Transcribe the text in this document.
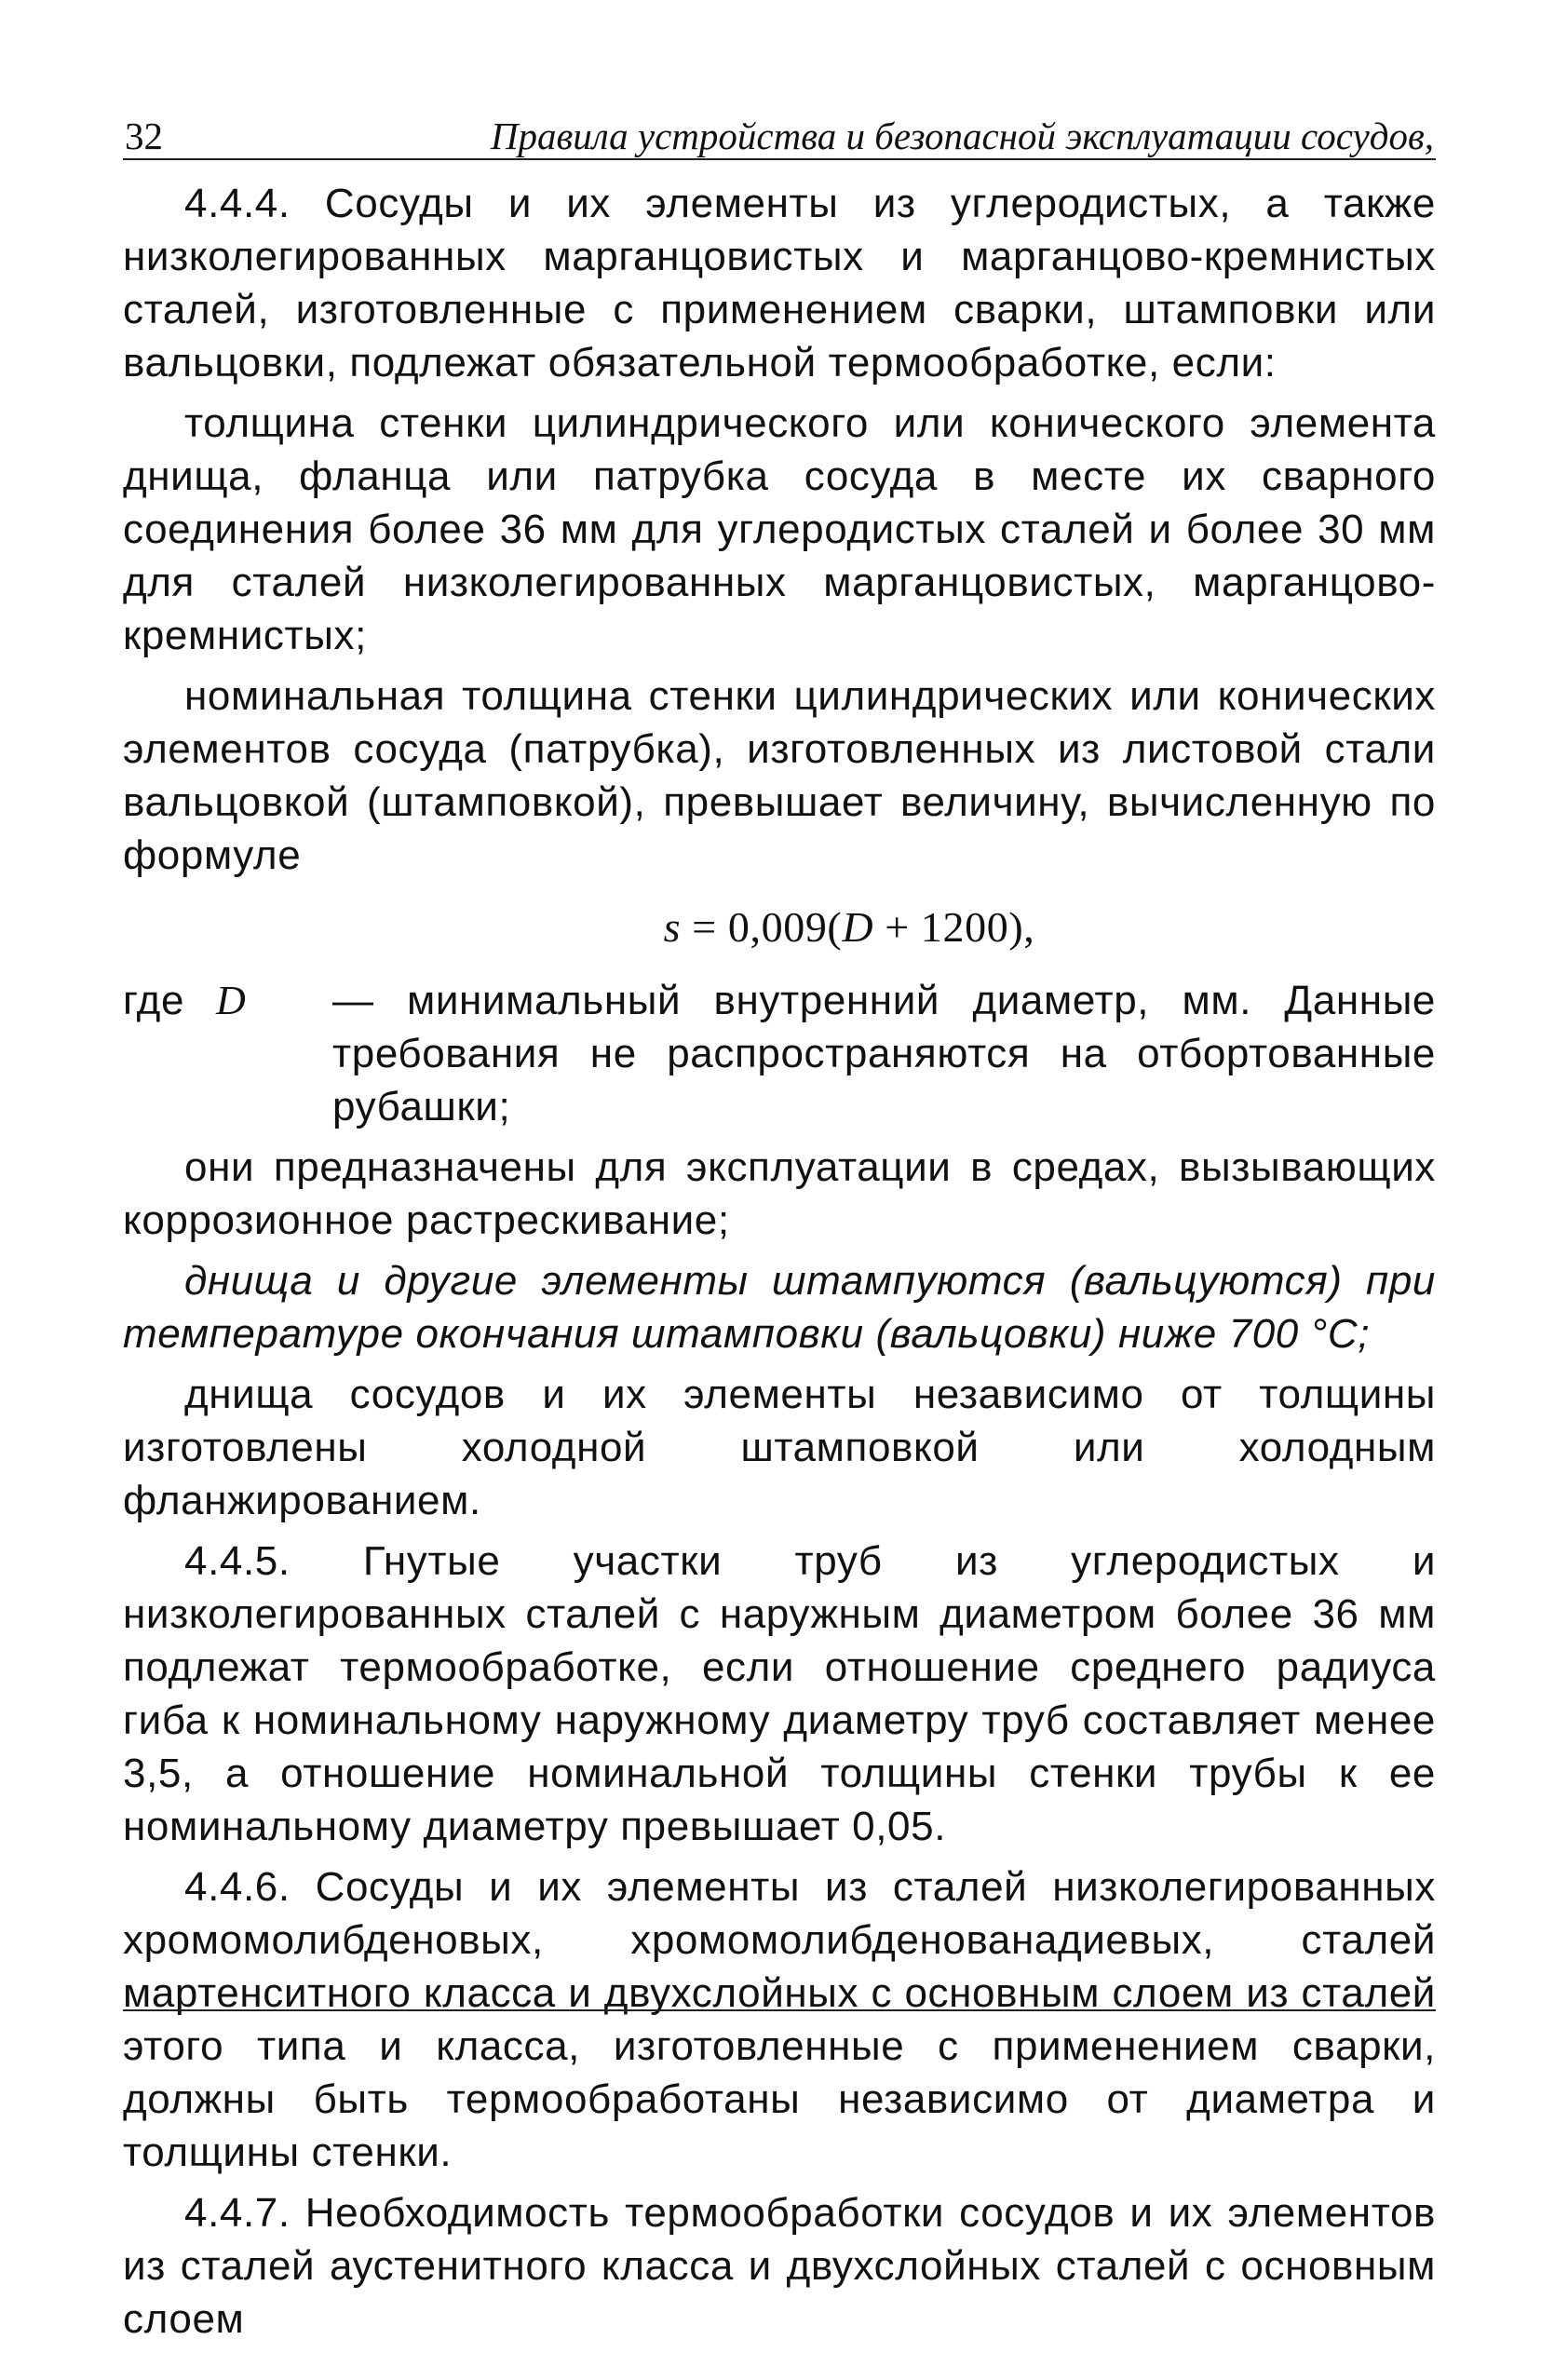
32	Правила устройства и безопасной эксплуатации сосудов,

4.4.4. Сосуды и их элементы из углеродистых, а также низколегированных марганцовистых и марганцово-кремнистых сталей, изготовленные с применением сварки, штамповки или вальцовки, подлежат обязательной термообработке, если:

толщина стенки цилиндрического или конического элемента днища, фланца или патрубка сосуда в месте их сварного соединения более 36 мм для углеродистых сталей и более 30 мм для сталей низколегированных марганцовистых, марганцово-кремнистых;

номинальная толщина стенки цилиндрических или конических элементов сосуда (патрубка), изготовленных из листовой стали вальцовкой (штамповкой), превышает величину, вычисленную по формуле

s = 0,009(D + 1200),
где D	— минимальный внутренний диаметр, мм. Данные требования не распространяются на отбортованные рубашки;

они предназначены для эксплуатации в средах, вызывающих коррозионное растрескивание;

днища и другие элементы штампуются (вальцуются) при температуре окончания штамповки (вальцовки) ниже 700 °С;

днища сосудов и их элементы независимо от толщины изготовлены холодной штамповкой или холодным фланжированием.

4.4.5. Гнутые участки труб из углеродистых и низколегированных сталей с наружным диаметром более 36 мм подлежат термообработке, если отношение среднего радиуса гиба к номинальному наружному диаметру труб составляет менее 3,5, а отношение номинальной толщины стенки трубы к ее номинальному диаметру превышает 0,05.

4.4.6. Сосуды и их элементы из сталей низколегированных хромомолибденовых, хромомолибденованадиевых, сталей мартенситного класса и двухслойных с основным слоем из сталей этого типа и класса, изготовленные с применением сварки, должны быть термообработаны независимо от диаметра и толщины стенки.

4.4.7. Необходимость термообработки сосудов и их элементов из сталей аустенитного класса и двухслойных сталей с основным слоем
